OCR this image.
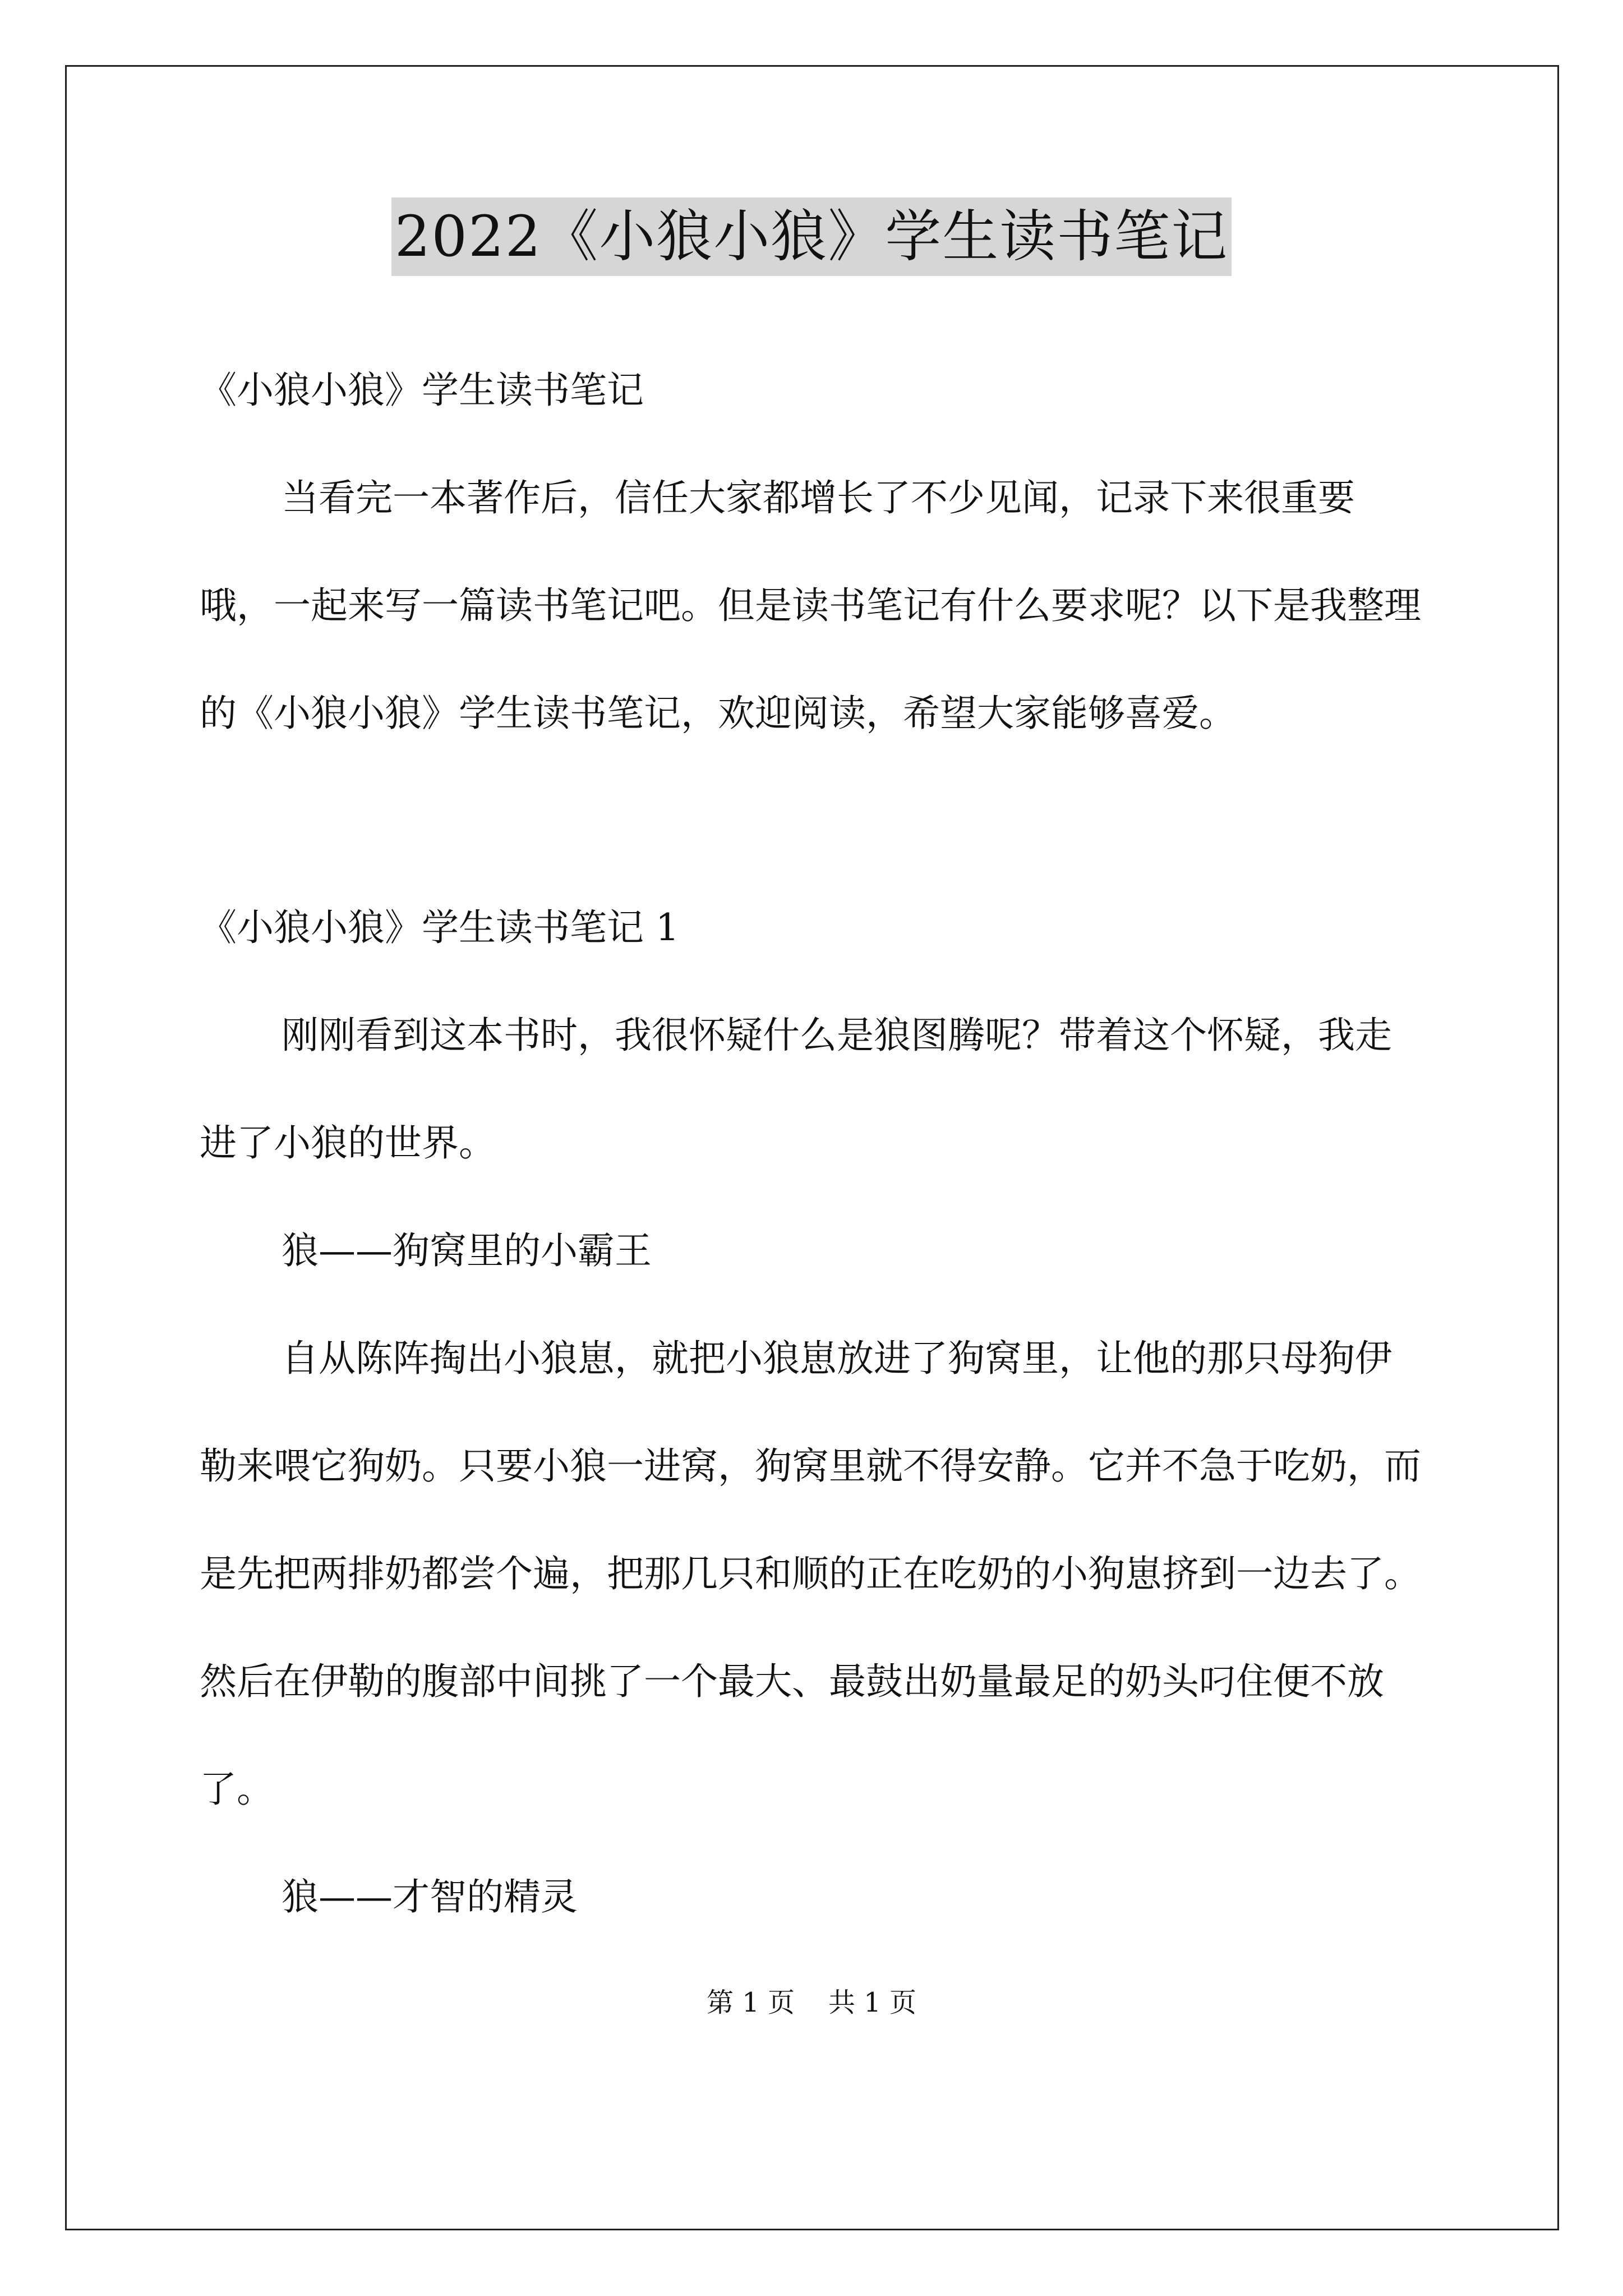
2022《小狼小狼》学生读书笔记

《小狼小狼》学生读书笔记

当看完一本著作后，信任大家都增长了不少见闻，记录下来很重要哦，一起来写一篇读书笔记吧。但是读书笔记有什么要求呢？以下是我整理的《小狼小狼》学生读书笔记，欢迎阅读，希望大家能够喜爱。

《小狼小狼》学生读书笔记 1

刚刚看到这本书时，我很怀疑什么是狼图腾呢？带着这个怀疑，我走进了小狼的世界。

狼——狗窝里的小霸王

自从陈阵掏出小狼崽，就把小狼崽放进了狗窝里，让他的那只母狗伊勒来喂它狗奶。只要小狼一进窝，狗窝里就不得安静。它并不急于吃奶，而是先把两排奶都尝个遍，把那几只和顺的正在吃奶的小狗崽挤到一边去了。然后在伊勒的腹部中间挑了一个最大、最鼓出奶量最足的奶头叼住便不放了。

狼——才智的精灵

第 1 页 共 1 页
